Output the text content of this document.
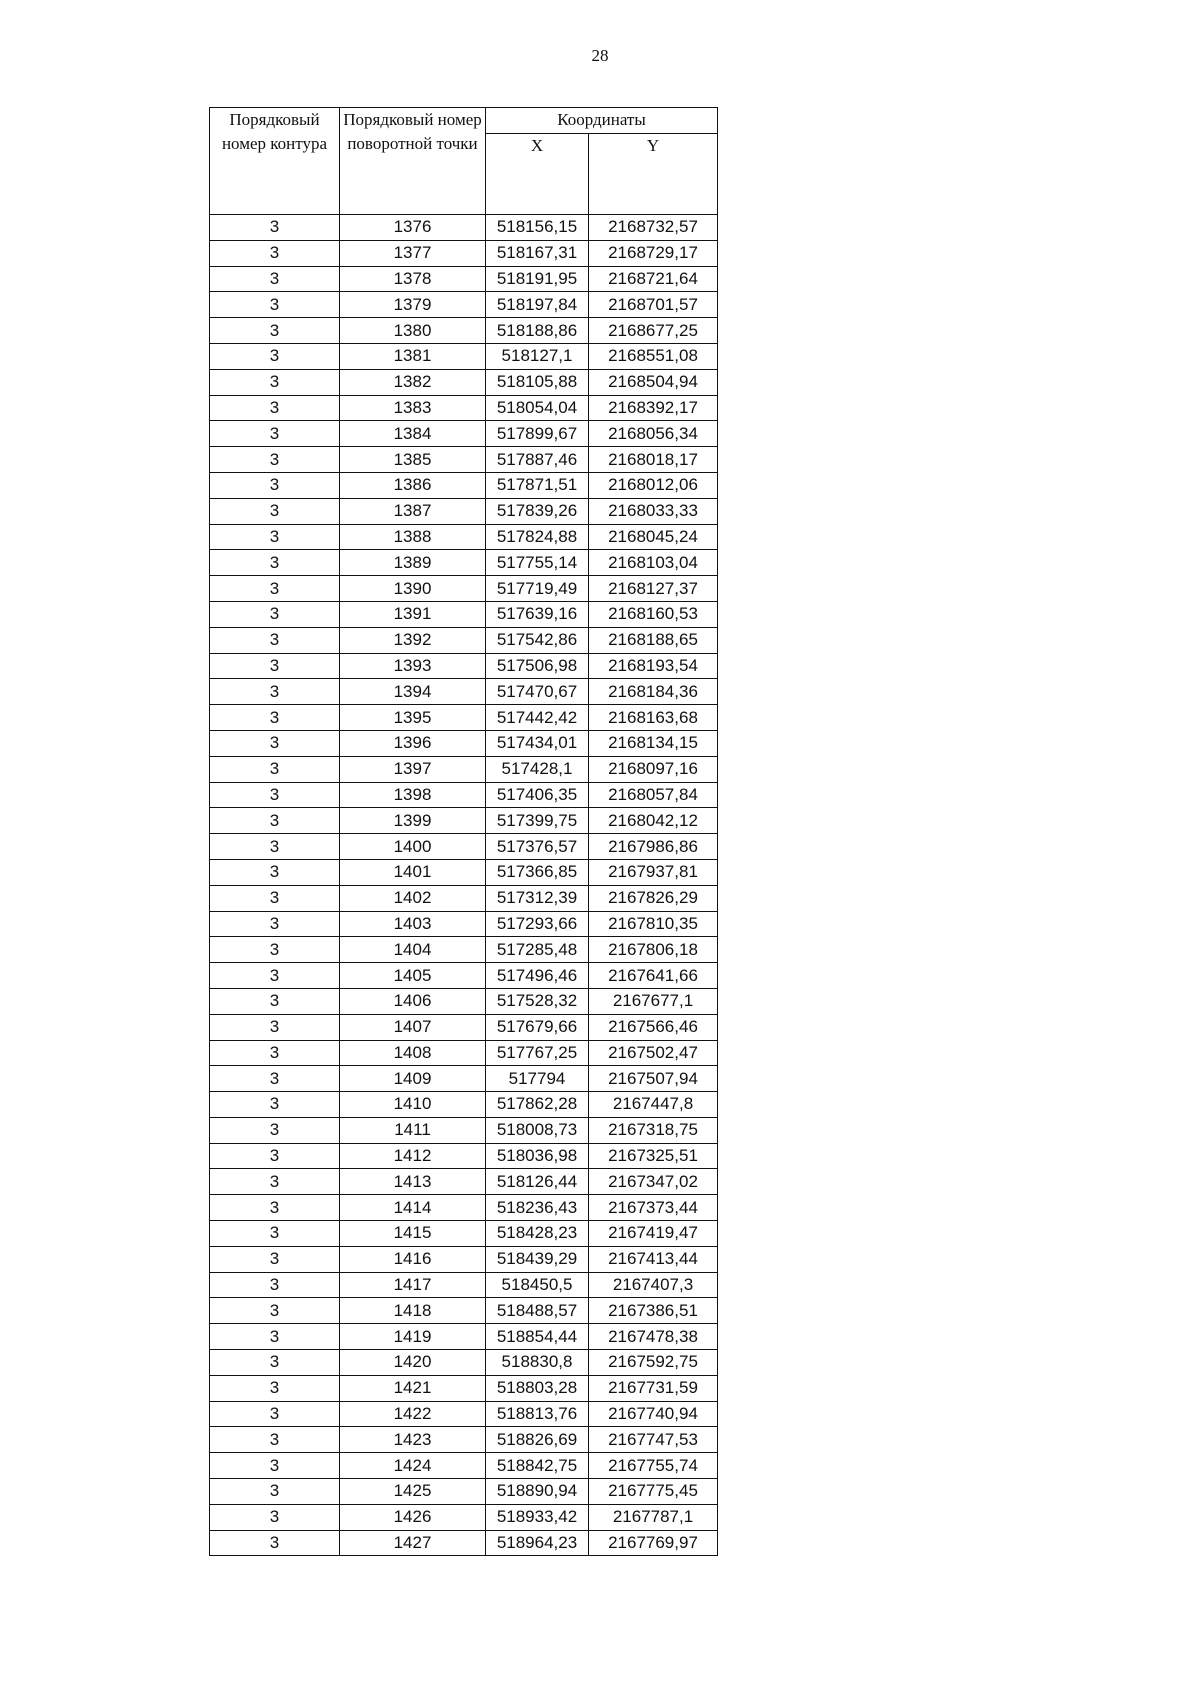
28
Порядковый номер контура	Порядковый номер поворотной точки	Координаты	
		X	Y
3	1376	518156,15	2168732,57
3	1377	518167,31	2168729,17
3	1378	518191,95	2168721,64
3	1379	518197,84	2168701,57
3	1380	518188,86	2168677,25
3	1381	518127,1	2168551,08
3	1382	518105,88	2168504,94
3	1383	518054,04	2168392,17
3	1384	517899,67	2168056,34
3	1385	517887,46	2168018,17
3	1386	517871,51	2168012,06
3	1387	517839,26	2168033,33
3	1388	517824,88	2168045,24
3	1389	517755,14	2168103,04
3	1390	517719,49	2168127,37
3	1391	517639,16	2168160,53
3	1392	517542,86	2168188,65
3	1393	517506,98	2168193,54
3	1394	517470,67	2168184,36
3	1395	517442,42	2168163,68
3	1396	517434,01	2168134,15
3	1397	517428,1	2168097,16
3	1398	517406,35	2168057,84
3	1399	517399,75	2168042,12
3	1400	517376,57	2167986,86
3	1401	517366,85	2167937,81
3	1402	517312,39	2167826,29
3	1403	517293,66	2167810,35
3	1404	517285,48	2167806,18
3	1405	517496,46	2167641,66
3	1406	517528,32	2167677,1
3	1407	517679,66	2167566,46
3	1408	517767,25	2167502,47
3	1409	517794	2167507,94
3	1410	517862,28	2167447,8
3	1411	518008,73	2167318,75
3	1412	518036,98	2167325,51
3	1413	518126,44	2167347,02
3	1414	518236,43	2167373,44
3	1415	518428,23	2167419,47
3	1416	518439,29	2167413,44
3	1417	518450,5	2167407,3
3	1418	518488,57	2167386,51
3	1419	518854,44	2167478,38
3	1420	518830,8	2167592,75
3	1421	518803,28	2167731,59
3	1422	518813,76	2167740,94
3	1423	518826,69	2167747,53
3	1424	518842,75	2167755,74
3	1425	518890,94	2167775,45
3	1426	518933,42	2167787,1
3	1427	518964,23	2167769,97
